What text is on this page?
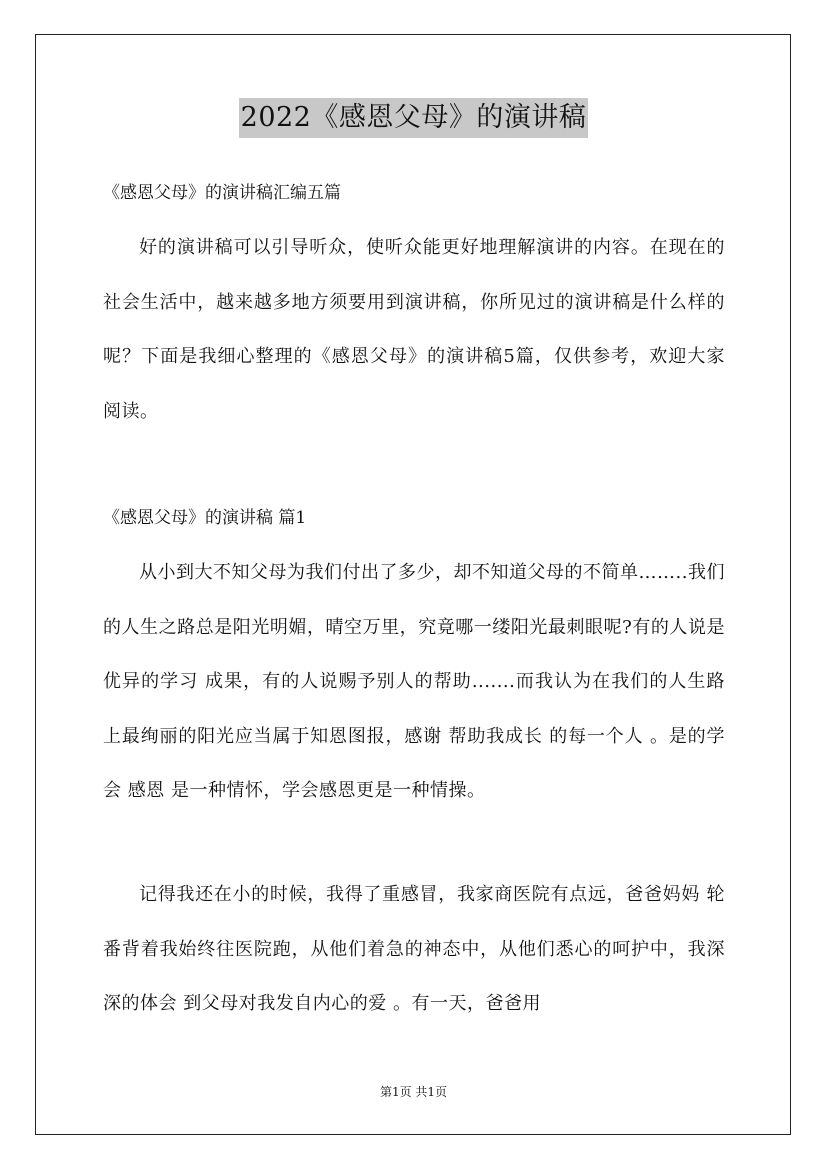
2022《感恩父母》的演讲稿
《感恩父母》的演讲稿汇编五篇

好的演讲稿可以引导听众，使听众能更好地理解演讲的内容。在现在的社会生活中，越来越多地方须要用到演讲稿，你所见过的演讲稿是什么样的呢？下面是我细心整理的《感恩父母》的演讲稿5篇，仅供参考，欢迎大家阅读。

《感恩父母》的演讲稿 篇1

从小到大不知父母为我们付出了多少，却不知道父母的不简单……..我们的人生之路总是阳光明媚，晴空万里，究竟哪一缕阳光最刺眼呢?有的人说是优异的学习 成果，有的人说赐予别人的帮助.......而我认为在我们的人生路上最绚丽的阳光应当属于知恩图报，感谢 帮助我成长 的每一个人 。是的学会 感恩 是一种情怀，学会感恩更是一种情操。

记得我还在小的时候，我得了重感冒，我家商医院有点远，爸爸妈妈 轮番背着我始终往医院跑，从他们着急的神态中，从他们悉心的呵护中，我深深的体会 到父母对我发自内心的爱 。有一天，爸爸用

第1页 共1页
